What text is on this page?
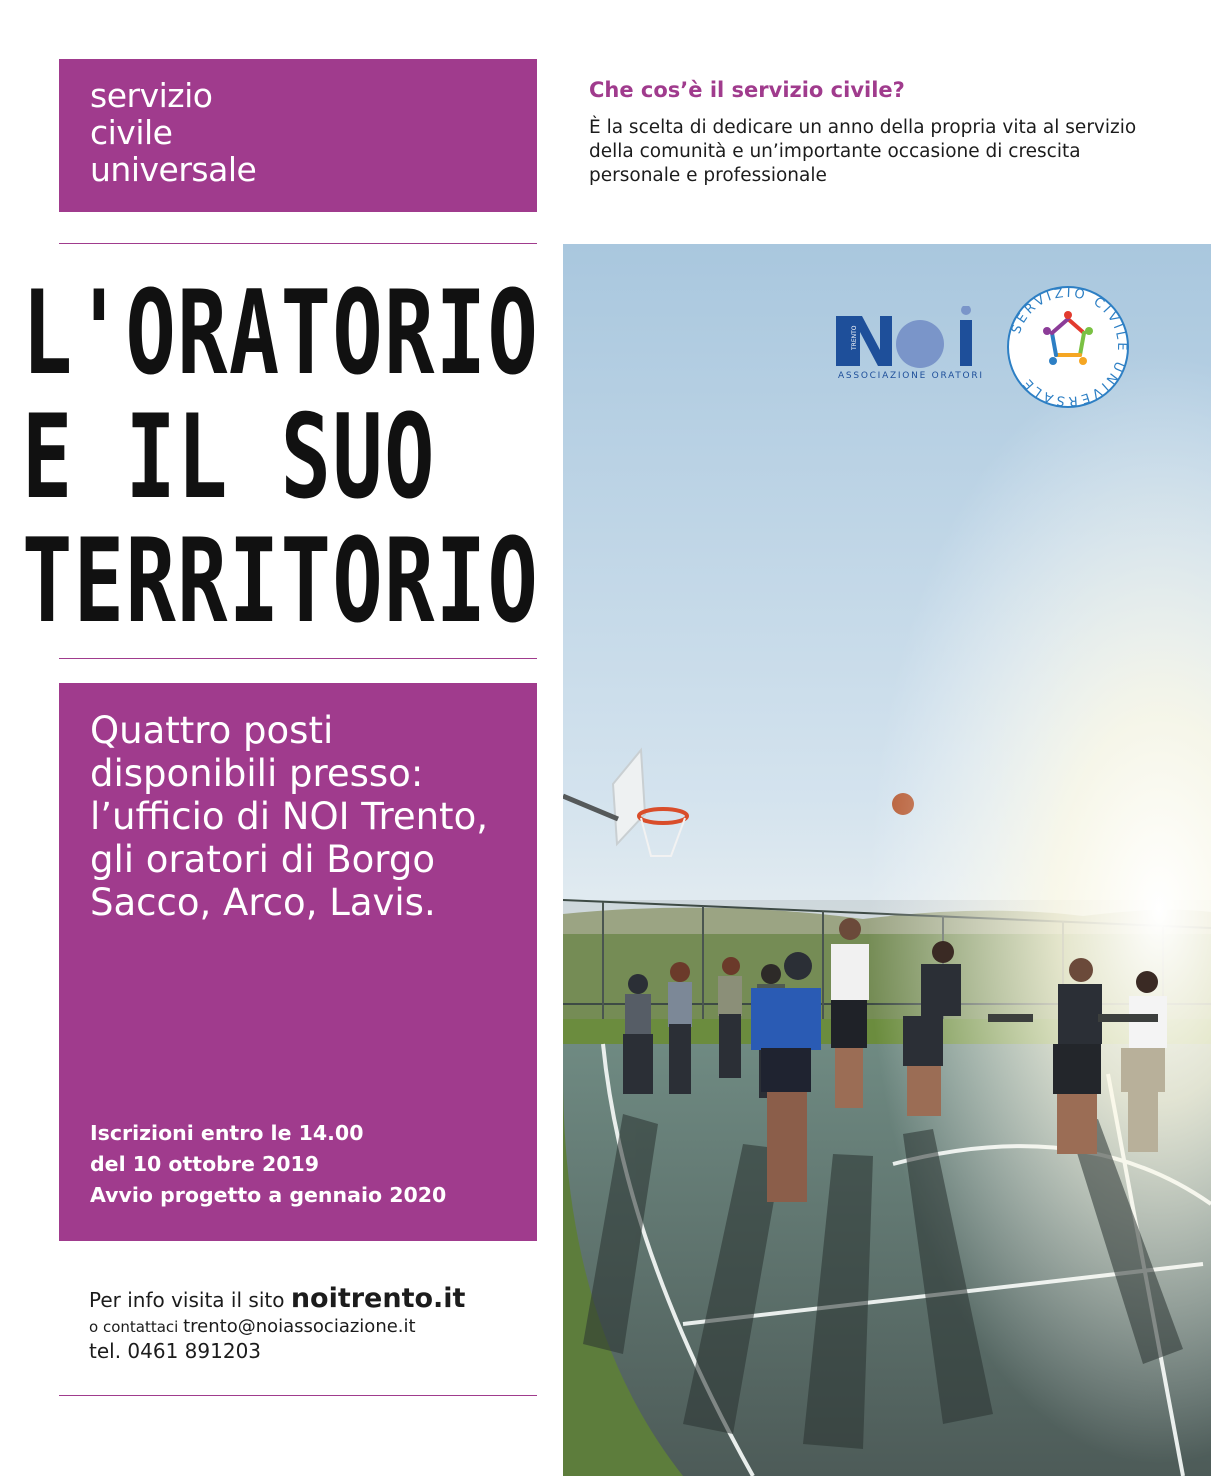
servizio
civile
universale
Che cos’è il servizio civile?
È la scelta di dedicare un anno della propria vita al servizio della comunità e un’importante occasione di crescita personale e professionale
TRENTO
ASSOCIAZIONE ORATORI
SERVIZIO CIVILE UNIVERSALE
L'ORATORIO
E IL SUO
TERRITORIO
Quattro posti disponibili presso: l’ufficio di NOI Trento, gli oratori di Borgo Sacco, Arco, Lavis.
Iscrizioni entro le 14.00
del 10 ottobre 2019
Avvio progetto a gennaio 2020
Per info visita il sito noitrento.it
o contattaci trento@noiassociazione.it
tel. 0461 891203
